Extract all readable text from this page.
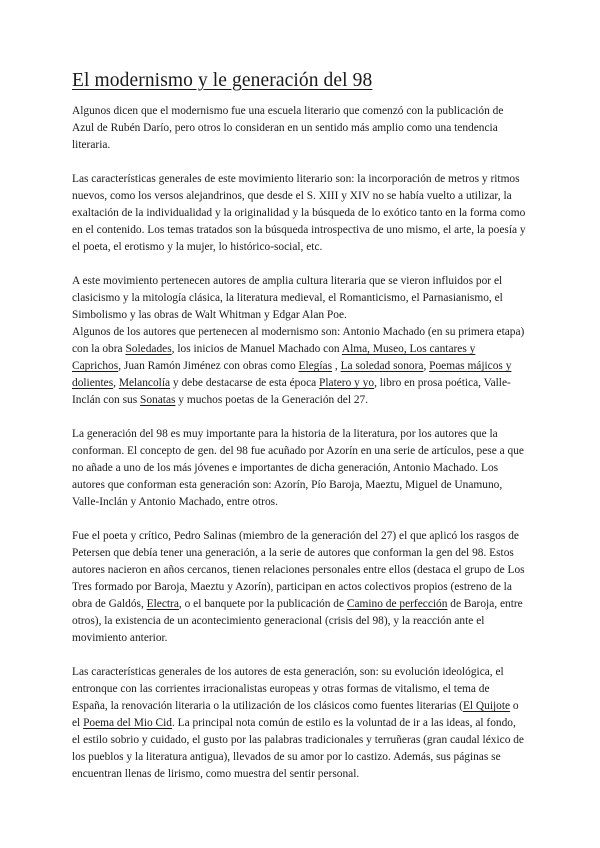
El modernismo y le generación del 98

Algunos dicen que el modernismo fue una escuela literario que comenzó con la publicación de Azul de Rubén Darío, pero otros lo consideran en un sentido más amplio como una tendencia literaria.

Las características generales de este movimiento literario son: la incorporación de metros y ritmos nuevos, como los versos alejandrinos, que desde el S. XIII y XIV no se había vuelto a utilizar, la exaltación de la individualidad y la originalidad y la búsqueda de lo exótico tanto en la forma como en el contenido. Los temas tratados son la búsqueda introspectiva de uno mismo, el arte, la poesía y el poeta, el erotismo y la mujer, lo histórico-social, etc.

A este movimiento pertenecen autores de amplia cultura literaria que se vieron influidos por el clasicismo y la mitología clásica, la literatura medieval, el Romanticismo, el Parnasianismo, el Simbolismo y las obras de Walt Whitman y Edgar Alan Poe.

Algunos de los autores que pertenecen al modernismo son: Antonio Machado (en su primera etapa) con la obra Soledades, los inicios de Manuel Machado con Alma, Museo, Los cantares y Caprichos, Juan Ramón Jiménez con obras como Elegías , La soledad sonora, Poemas májicos y dolientes, Melancolía y debe destacarse de esta época Platero y yo, libro en prosa poética, Valle-Inclán con sus Sonatas y muchos poetas de la Generación del 27.

La generación del 98 es muy importante para la historia de la literatura, por los autores que la conforman. El concepto de gen. del 98 fue acuñado por Azorín en una serie de artículos, pese a que no añade a uno de los más jóvenes e importantes de dicha generación, Antonio Machado. Los autores que conforman esta generación son: Azorín, Pío Baroja, Maeztu, Miguel de Unamuno, Valle-Inclán y Antonio Machado, entre otros.

Fue el poeta y crítico, Pedro Salinas (miembro de la generación del 27) el que aplicó los rasgos de Petersen que debía tener una generación, a la serie de autores que conforman la gen del 98. Estos autores nacieron en años cercanos, tienen relaciones personales entre ellos (destaca el grupo de Los Tres formado por Baroja, Maeztu y Azorín), participan en actos colectivos propios (estreno de la obra de Galdós, Electra, o el banquete por la publicación de Camino de perfección de Baroja, entre otros), la existencia de un acontecimiento generacional (crisis del 98), y la reacción ante el movimiento anterior.

Las características generales de los autores de esta generación, son: su evolución ideológica, el entronque con las corrientes irracionalistas europeas y otras formas de vitalismo, el tema de España, la renovación literaria o la utilización de los clásicos como fuentes literarias (El Quijote o el Poema del Mio Cid. La principal nota común de estilo es la voluntad de ir a las ideas, al fondo, el estilo sobrio y cuidado, el gusto por las palabras tradicionales y terruñeras (gran caudal léxico de los pueblos y la literatura antigua), llevados de su amor por lo castizo. Además, sus páginas se encuentran llenas de lirismo, como muestra del sentir personal.
